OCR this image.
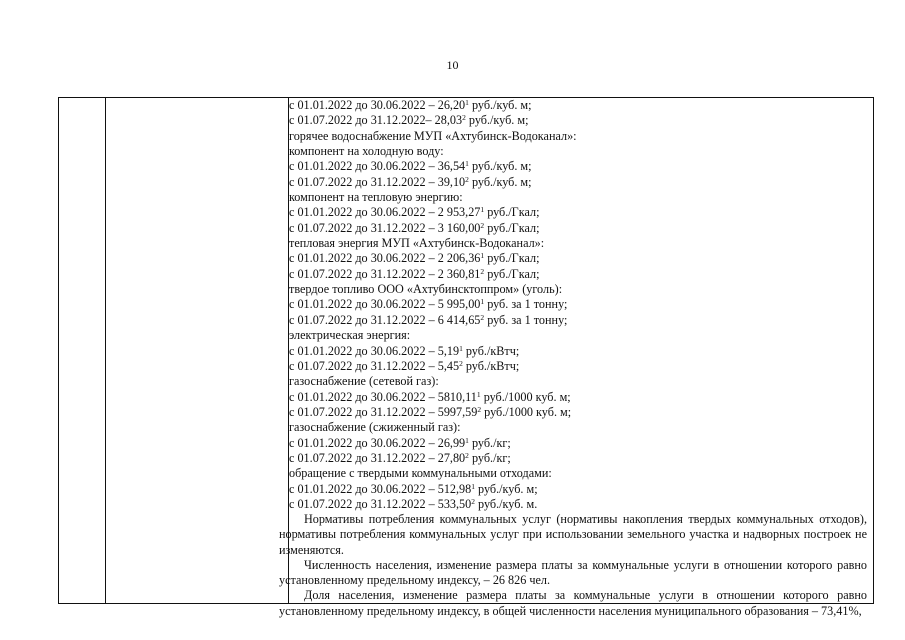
10
с 01.01.2022 до 30.06.2022 – 26,20$^1$ руб./куб. м;
с 01.07.2022 до 31.12.2022– 28,03$^2$ руб./куб. м;
горячее водоснабжение МУП «Ахтубинск-Водоканал»:
компонент на холодную воду:
с 01.01.2022 до 30.06.2022 – 36,54$^1$ руб./куб. м;
с 01.07.2022 до 31.12.2022 – 39,10$^2$ руб./куб. м;
компонент на тепловую энергию:
с 01.01.2022 до 30.06.2022 – 2 953,27$^1$ руб./Гкал;
с 01.07.2022 до 31.12.2022 – 3 160,00$^2$ руб./Гкал;
тепловая энергия МУП «Ахтубинск-Водоканал»:
с 01.01.2022 до 30.06.2022 – 2 206,36$^1$ руб./Гкал;
с 01.07.2022 до 31.12.2022 – 2 360,81$^2$ руб./Гкал;
твердое топливо ООО «Ахтубинсктоппром» (уголь):
с 01.01.2022 до 30.06.2022 – 5 995,00$^1$ руб. за 1 тонну;
с 01.07.2022 до 31.12.2022 – 6 414,65$^2$ руб. за 1 тонну;
электрическая энергия:
с 01.01.2022 до 30.06.2022 – 5,19$^1$ руб./кВтч;
с 01.07.2022 до 31.12.2022 – 5,45$^2$ руб./кВтч;
газоснабжение (сетевой газ):
с 01.01.2022 до 30.06.2022 – 5810,11$^1$ руб./1000 куб. м;
с 01.07.2022 до 31.12.2022 – 5997,59$^2$ руб./1000 куб. м;
газоснабжение (сжиженный газ):
с 01.01.2022 до 30.06.2022 – 26,99$^1$ руб./кг;
с 01.07.2022 до 31.12.2022 – 27,80$^2$ руб./кг;
обращение с твердыми коммунальными отходами:
с 01.01.2022 до 30.06.2022 – 512,98$^1$ руб./куб. м;
с 01.07.2022 до 31.12.2022 – 533,50$^2$ руб./куб. м.
Нормативы потребления коммунальных услуг (нормативы накопления твердых коммунальных отходов), нормативы потребления коммунальных услуг при использовании земельного участка и надворных построек не изменяются.
Численность населения, изменение размера платы за коммунальные услуги в отношении которого равно установленному предельному индексу, – 26 826 чел.
Доля населения, изменение размера платы за коммунальные услуги в отношении которого равно установленному предельному индексу, в общей численности населения муниципального образования – 73,41%,
